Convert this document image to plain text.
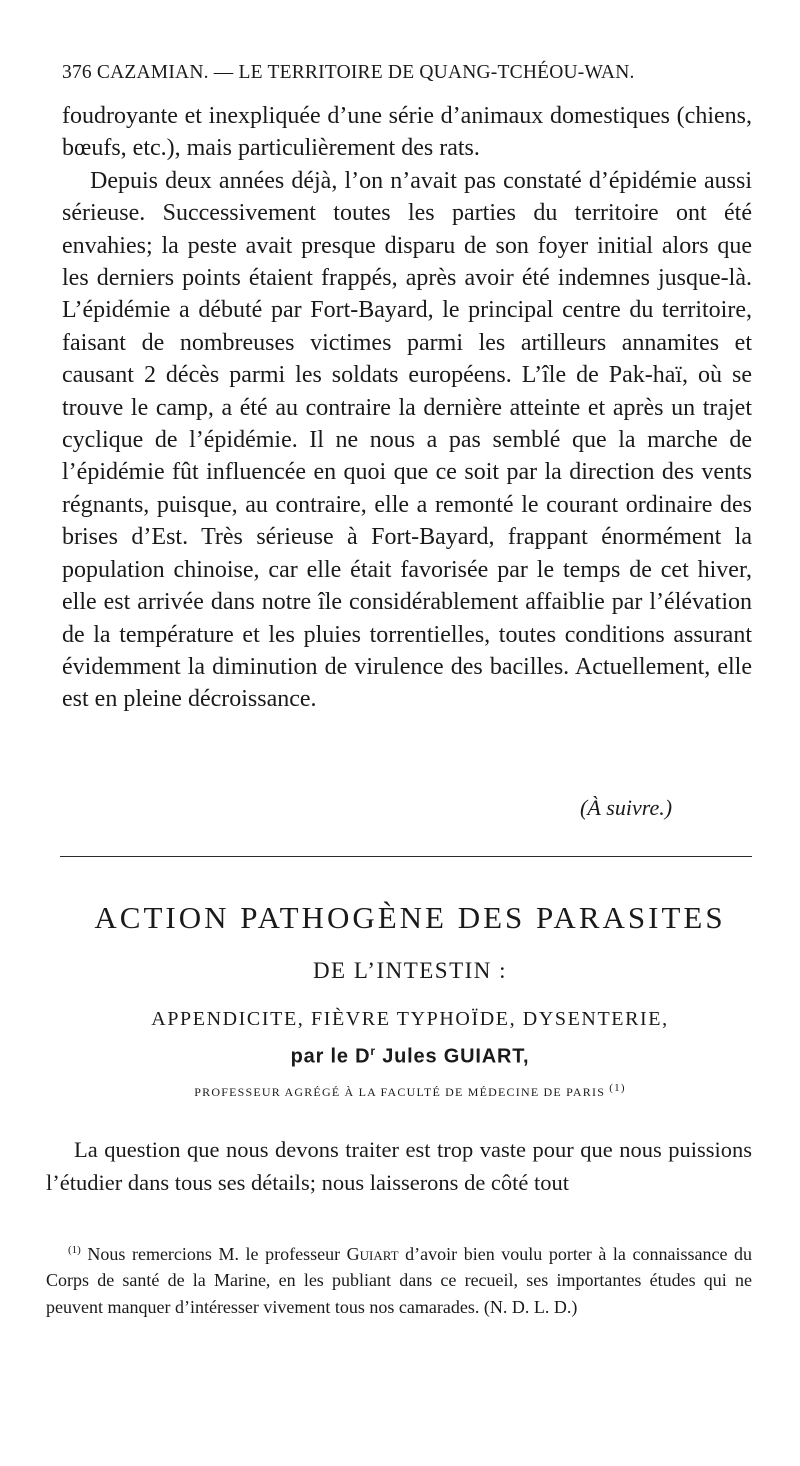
376 CAZAMIAN. — LE TERRITOIRE DE QUANG-TCHÉOU-WAN.

foudroyante et inexpliquée d’une série d’animaux domestiques (chiens, bœufs, etc.), mais particulièrement des rats.

Depuis deux années déjà, l’on n’avait pas constaté d’épidémie aussi sérieuse. Successivement toutes les parties du territoire ont été envahies; la peste avait presque disparu de son foyer initial alors que les derniers points étaient frappés, après avoir été indemnes jusque-là. L’épidémie a débuté par Fort-Bayard, le principal centre du territoire, faisant de nombreuses victimes parmi les artilleurs annamites et causant 2 décès parmi les soldats européens. L’île de Pak-haï, où se trouve le camp, a été au contraire la dernière atteinte et après un trajet cyclique de l’épidémie. Il ne nous a pas semblé que la marche de l’épidémie fût influencée en quoi que ce soit par la direction des vents régnants, puisque, au contraire, elle a remonté le courant ordinaire des brises d’Est. Très sérieuse à Fort-Bayard, frappant énormément la population chinoise, car elle était favorisée par le temps de cet hiver, elle est arrivée dans notre île considérablement affaiblie par l’élévation de la température et les pluies torrentielles, toutes conditions assurant évidemment la diminution de virulence des bacilles. Actuellement, elle est en pleine décroissance.

(À suivre.)
ACTION PATHOGÈNE DES PARASITES
DE L’INTESTIN :
APPENDICITE, FIÈVRE TYPHOÏDE, DYSENTERIE,
par le $D^r$ Jules GUIART,
PROFESSEUR AGRÉGÉ À LA FACULTÉ DE MÉDECINE DE PARIS $^{(1)}$

La question que nous devons traiter est trop vaste pour que nous puissions l’étudier dans tous ses détails; nous laisserons de côté tout

$^{(1)}$ Nous remercions M. le professeur Guiart d’avoir bien voulu porter à la connaissance du Corps de santé de la Marine, en les publiant dans ce recueil, ses importantes études qui ne peuvent manquer d’intéresser vivement tous nos camarades. (N. D. L. D.)
